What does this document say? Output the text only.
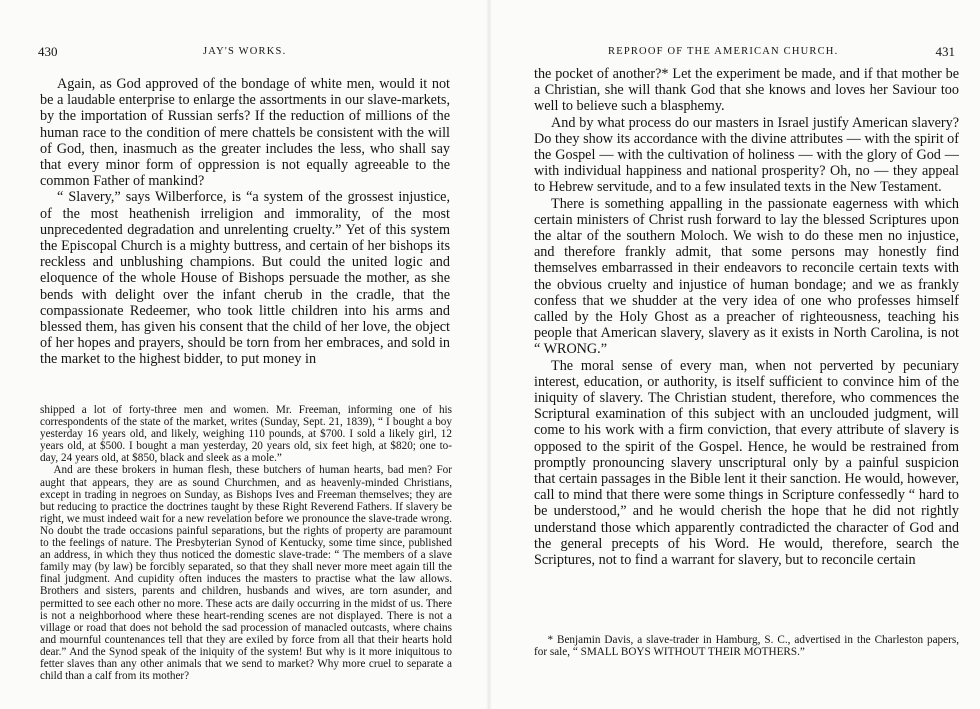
430	JAY'S WORKS.

Again, as God approved of the bondage of white men, would it not be a laudable enterprise to enlarge the assortments in our slave-markets, by the importation of Russian serfs? If the reduction of millions of the human race to the condition of mere chattels be consistent with the will of God, then, inasmuch as the greater includes the less, who shall say that every minor form of oppression is not equally agreeable to the common Father of mankind?

“ Slavery,” says Wilberforce, is “a system of the grossest injustice, of the most heathenish irreligion and immorality, of the most unprecedented degradation and unrelenting cruelty.” Yet of this system the Episcopal Church is a mighty buttress, and certain of her bishops its reckless and unblushing champions. But could the united logic and eloquence of the whole House of Bishops persuade the mother, as she bends with delight over the infant cherub in the cradle, that the compassionate Redeemer, who took little children into his arms and blessed them, has given his consent that the child of her love, the object of her hopes and prayers, should be torn from her embraces, and sold in the market to the highest bidder, to put money in

shipped a lot of forty-three men and women. Mr. Freeman, informing one of his correspondents of the state of the market, writes (Sunday, Sept. 21, 1839), “ I bought a boy yesterday 16 years old, and likely, weighing 110 pounds, at $700. I sold a likely girl, 12 years old, at $500. I bought a man yesterday, 20 years old, six feet high, at $820; one to-day, 24 years old, at $850, black and sleek as a mole.”

And are these brokers in human flesh, these butchers of human hearts, bad men? For aught that appears, they are as sound Churchmen, and as heavenly-minded Christians, except in trading in negroes on Sunday, as Bishops Ives and Freeman themselves; they are but reducing to practice the doctrines taught by these Right Reverend Fathers. If slavery be right, we must indeed wait for a new revelation before we pronounce the slave-trade wrong. No doubt the trade occasions painful separations, but the rights of property are paramount to the feelings of nature. The Presbyterian Synod of Kentucky, some time since, published an address, in which they thus noticed the domestic slave-trade: “ The members of a slave family may (by law) be forcibly separated, so that they shall never more meet again till the final judgment. And cupidity often induces the masters to practise what the law allows. Brothers and sisters, parents and children, husbands and wives, are torn asunder, and permitted to see each other no more. These acts are daily occurring in the midst of us. There is not a neighborhood where these heart-rending scenes are not displayed. There is not a village or road that does not behold the sad procession of manacled outcasts, where chains and mournful countenances tell that they are exiled by force from all that their hearts hold dear.” And the Synod speak of the iniquity of the system! But why is it more iniquitous to fetter slaves than any other animals that we send to market? Why more cruel to separate a child than a calf from its mother?

REPROOF OF THE AMERICAN CHURCH.	431

the pocket of another?* Let the experiment be made, and if that mother be a Christian, she will thank God that she knows and loves her Saviour too well to believe such a blasphemy.

And by what process do our masters in Israel justify American slavery? Do they show its accordance with the divine attributes — with the spirit of the Gospel — with the cultivation of holiness — with the glory of God — with individual happiness and national prosperity? Oh, no — they appeal to Hebrew servitude, and to a few insulated texts in the New Testament.

There is something appalling in the passionate eagerness with which certain ministers of Christ rush forward to lay the blessed Scriptures upon the altar of the southern Moloch. We wish to do these men no injustice, and therefore frankly admit, that some persons may honestly find themselves embarrassed in their endeavors to reconcile certain texts with the obvious cruelty and injustice of human bondage; and we as frankly confess that we shudder at the very idea of one who professes himself called by the Holy Ghost as a preacher of righteousness, teaching his people that American slavery, slavery as it exists in North Carolina, is not “ WRONG.”

The moral sense of every man, when not perverted by pecuniary interest, education, or authority, is itself sufficient to convince him of the iniquity of slavery. The Christian student, therefore, who commences the Scriptural examination of this subject with an unclouded judgment, will come to his work with a firm conviction, that every attribute of slavery is opposed to the spirit of the Gospel. Hence, he would be restrained from promptly pronouncing slavery unscriptural only by a painful suspicion that certain passages in the Bible lent it their sanction. He would, however, call to mind that there were some things in Scripture confessedly “ hard to be understood,” and he would cherish the hope that he did not rightly understand those which apparently contradicted the character of God and the general precepts of his Word. He would, therefore, search the Scriptures, not to find a warrant for slavery, but to reconcile certain

* Benjamin Davis, a slave-trader in Hamburg, S. C., advertised in the Charleston papers, for sale, “ SMALL BOYS WITHOUT THEIR MOTHERS.”
